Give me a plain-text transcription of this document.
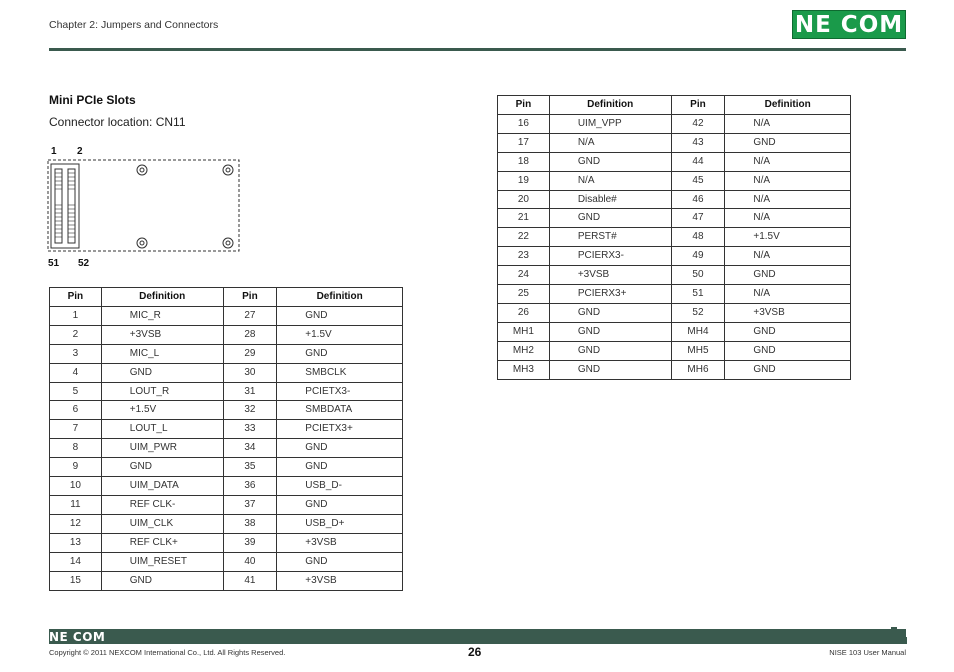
Chapter 2: Jumpers and Connectors	NE COM
Mini PCIe Slots
Connector location: CN11
1 2
51 52
Pin	Definition	Pin	Definition
1	MIC_R	27	GND
2	+3VSB	28	+1.5V
3	MIC_L	29	GND
4	GND	30	SMBCLK
5	LOUT_R	31	PCIETX3-
6	+1.5V	32	SMBDATA
7	LOUT_L	33	PCIETX3+
8	UIM_PWR	34	GND
9	GND	35	GND
10	UIM_DATA	36	USB_D-
11	REF CLK-	37	GND
12	UIM_CLK	38	USB_D+
13	REF CLK+	39	+3VSB
14	UIM_RESET	40	GND
15	GND	41	+3VSB
Pin	Definition	Pin	Definition
16	UIM_VPP	42	N/A
17	N/A	43	GND
18	GND	44	N/A
19	N/A	45	N/A
20	Disable#	46	N/A
21	GND	47	N/A
22	PERST#	48	+1.5V
23	PCIERX3-	49	N/A
24	+3VSB	50	GND
25	PCIERX3+	51	N/A
26	GND	52	+3VSB
MH1	GND	MH4	GND
MH2	GND	MH5	GND
MH3	GND	MH6	GND
NE COM
Copyright © 2011 NEXCOM International Co., Ltd. All Rights Reserved.	26	NISE 103 User Manual
